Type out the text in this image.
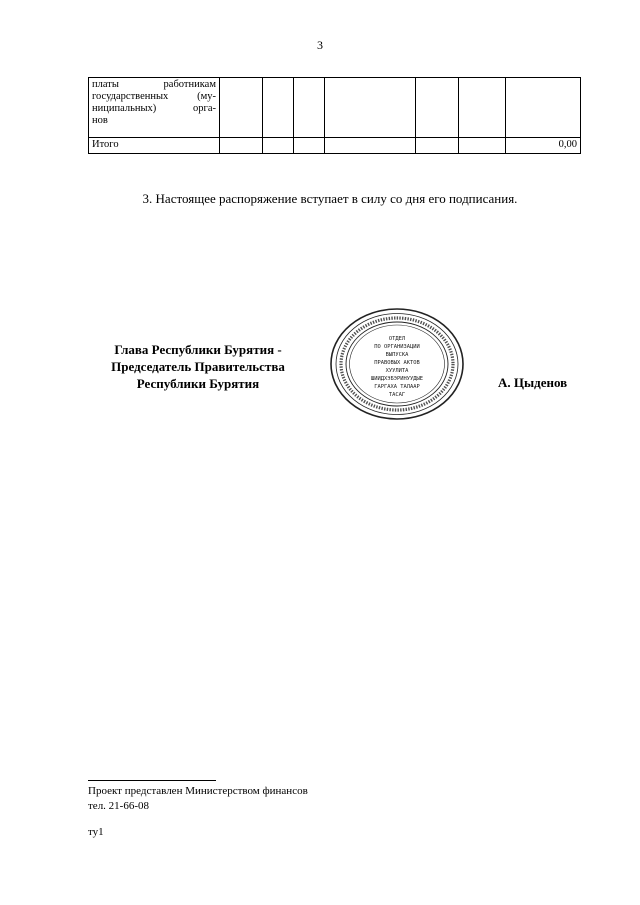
3
платы работникам
государственных (му-
ниципальных) орга-
нов							

Итого							0,00
3. Настоящее распоряжение вступает в силу со дня его подписания.
Глава Республики Бурятия -
Председатель Правительства
Республики Бурятия
ОТДЕЛ
ПО ОРГАНИЗАЦИИ
ВЫПУСКА
ПРАВОВЫХ АКТОВ
ХУУЛИТА
ШИИДХЭБЭРИНУУДЫЕ
ГАРГАХА ТАЛААР
ТАСАГ
А. Цыденов
Проект представлен Министерством финансов
тел. 21-66-08
ту1
